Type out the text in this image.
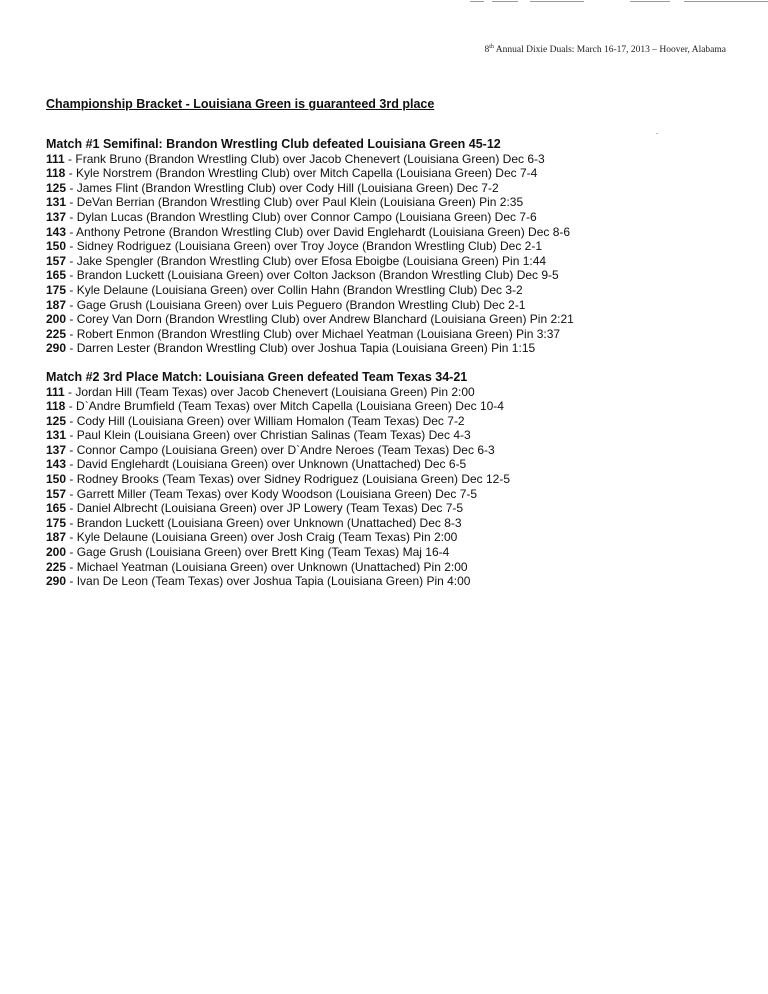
8th Annual Dixie Duals: March 16-17, 2013 – Hoover, Alabama
Championship Bracket - Louisiana Green is guaranteed 3rd place
Match #1 Semifinal: Brandon Wrestling Club defeated Louisiana Green 45-12
111 - Frank Bruno (Brandon Wrestling Club) over Jacob Chenevert (Louisiana Green) Dec 6-3
118 - Kyle Norstrem (Brandon Wrestling Club) over Mitch Capella (Louisiana Green) Dec 7-4
125 - James Flint (Brandon Wrestling Club) over Cody Hill (Louisiana Green) Dec 7-2
131 - DeVan Berrian (Brandon Wrestling Club) over Paul Klein (Louisiana Green) Pin 2:35
137 - Dylan Lucas (Brandon Wrestling Club) over Connor Campo (Louisiana Green) Dec 7-6
143 - Anthony Petrone (Brandon Wrestling Club) over David Englehardt (Louisiana Green) Dec 8-6
150 - Sidney Rodriguez (Louisiana Green) over Troy Joyce (Brandon Wrestling Club) Dec 2-1
157 - Jake Spengler (Brandon Wrestling Club) over Efosa Eboigbe (Louisiana Green) Pin 1:44
165 - Brandon Luckett (Louisiana Green) over Colton Jackson (Brandon Wrestling Club) Dec 9-5
175 - Kyle Delaune (Louisiana Green) over Collin Hahn (Brandon Wrestling Club) Dec 3-2
187 - Gage Grush (Louisiana Green) over Luis Peguero (Brandon Wrestling Club) Dec 2-1
200 - Corey Van Dorn (Brandon Wrestling Club) over Andrew Blanchard (Louisiana Green) Pin 2:21
225 - Robert Enmon (Brandon Wrestling Club) over Michael Yeatman (Louisiana Green) Pin 3:37
290 - Darren Lester (Brandon Wrestling Club) over Joshua Tapia (Louisiana Green) Pin 1:15
Match #2 3rd Place Match: Louisiana Green defeated Team Texas 34-21
111 - Jordan Hill (Team Texas) over Jacob Chenevert (Louisiana Green) Pin 2:00
118 - D`Andre Brumfield (Team Texas) over Mitch Capella (Louisiana Green) Dec 10-4
125 - Cody Hill (Louisiana Green) over William Homalon (Team Texas) Dec 7-2
131 - Paul Klein (Louisiana Green) over Christian Salinas (Team Texas) Dec 4-3
137 - Connor Campo (Louisiana Green) over D`Andre Neroes (Team Texas) Dec 6-3
143 - David Englehardt (Louisiana Green) over Unknown (Unattached) Dec 6-5
150 - Rodney Brooks (Team Texas) over Sidney Rodriguez (Louisiana Green) Dec 12-5
157 - Garrett Miller (Team Texas) over Kody Woodson (Louisiana Green) Dec 7-5
165 - Daniel Albrecht (Louisiana Green) over JP Lowery (Team Texas) Dec 7-5
175 - Brandon Luckett (Louisiana Green) over Unknown (Unattached) Dec 8-3
187 - Kyle Delaune (Louisiana Green) over Josh Craig (Team Texas) Pin 2:00
200 - Gage Grush (Louisiana Green) over Brett King (Team Texas) Maj 16-4
225 - Michael Yeatman (Louisiana Green) over Unknown (Unattached) Pin 2:00
290 - Ivan De Leon (Team Texas) over Joshua Tapia (Louisiana Green) Pin 4:00
